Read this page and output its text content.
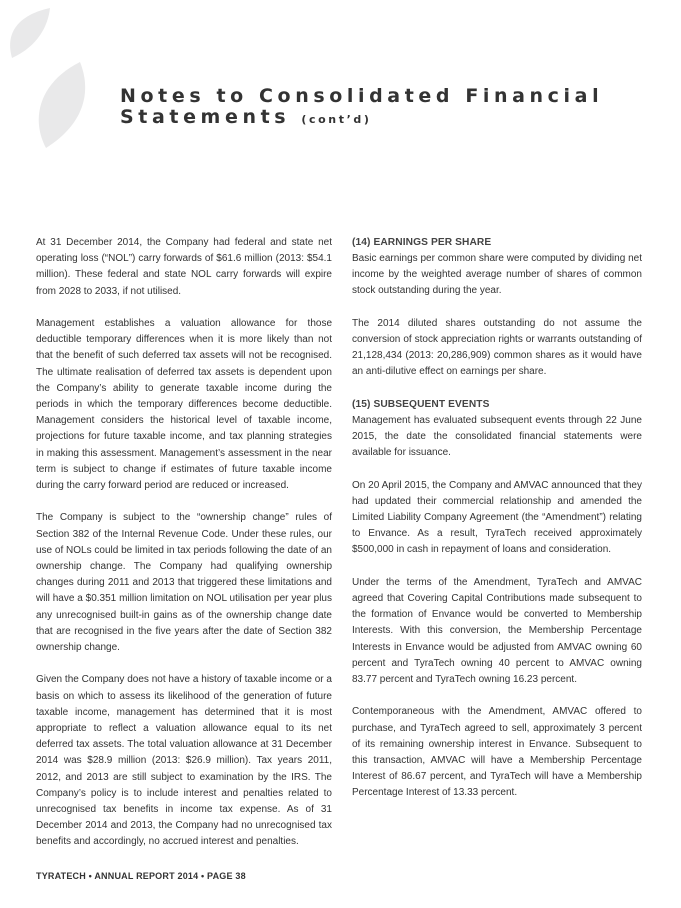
Notes to Consolidated Financial
Statements (cont’d)

At 31 December 2014, the Company had federal and state net operating loss (“NOL”) carry forwards of $61.6 million (2013: $54.1 million). These federal and state NOL carry forwards will expire from 2028 to 2033, if not utilised.

Management establishes a valuation allowance for those deductible temporary differences when it is more likely than not that the benefit of such deferred tax assets will not be recognised. The ultimate realisation of deferred tax assets is dependent upon the Company’s ability to generate taxable income during the periods in which the temporary differences become deductible. Management considers the historical level of taxable income, projections for future taxable income, and tax planning strategies in making this assessment. Management’s assessment in the near term is subject to change if estimates of future taxable income during the carry forward period are reduced or increased.

The Company is subject to the “ownership change” rules of Section 382 of the Internal Revenue Code. Under these rules, our use of NOLs could be limited in tax periods following the date of an ownership change. The Company had qualifying ownership changes during 2011 and 2013 that triggered these limitations and will have a $0.351 million limitation on NOL utilisation per year plus any unrecognised built-in gains as of the ownership change date that are recognised in the five years after the date of Section 382 ownership change.

Given the Company does not have a history of taxable income or a basis on which to assess its likelihood of the generation of future taxable income, management has determined that it is most appropriate to reflect a valuation allowance equal to its net deferred tax assets. The total valuation allowance at 31 December 2014 was $28.9 million (2013: $26.9 million). Tax years 2011, 2012, and 2013 are still subject to examination by the IRS. The Company’s policy is to include interest and penalties related to unrecognised tax benefits in income tax expense. As of 31 December 2014 and 2013, the Company had no unrecognised tax benefits and accordingly, no accrued interest and penalties.

(14) EARNINGS PER SHARE

Basic earnings per common share were computed by dividing net income by the weighted average number of shares of common stock outstanding during the year.

The 2014 diluted shares outstanding do not assume the conversion of stock appreciation rights or warrants outstanding of 21,128,434 (2013: 20,286,909) common shares as it would have an anti-dilutive effect on earnings per share.

(15) SUBSEQUENT EVENTS

Management has evaluated subsequent events through 22 June 2015, the date the consolidated financial statements were available for issuance.

On 20 April 2015, the Company and AMVAC announced that they had updated their commercial relationship and amended the Limited Liability Company Agreement (the “Amendment”) relating to Envance. As a result, TyraTech received approximately $500,000 in cash in repayment of loans and consideration.

Under the terms of the Amendment, TyraTech and AMVAC agreed that Covering Capital Contributions made subsequent to the formation of Envance would be converted to Membership Interests. With this conversion, the Membership Percentage Interests in Envance would be adjusted from AMVAC owning 60 percent and TyraTech owning 40 percent to AMVAC owning 83.77 percent and TyraTech owning 16.23 percent.

Contemporaneous with the Amendment, AMVAC offered to purchase, and TyraTech agreed to sell, approximately 3 percent of its remaining ownership interest in Envance. Subsequent to this transaction, AMVAC will have a Membership Percentage Interest of 86.67 percent, and TyraTech will have a Membership Percentage Interest of 13.33 percent.

TYRATECH • ANNUAL REPORT 2014 • PAGE 38
